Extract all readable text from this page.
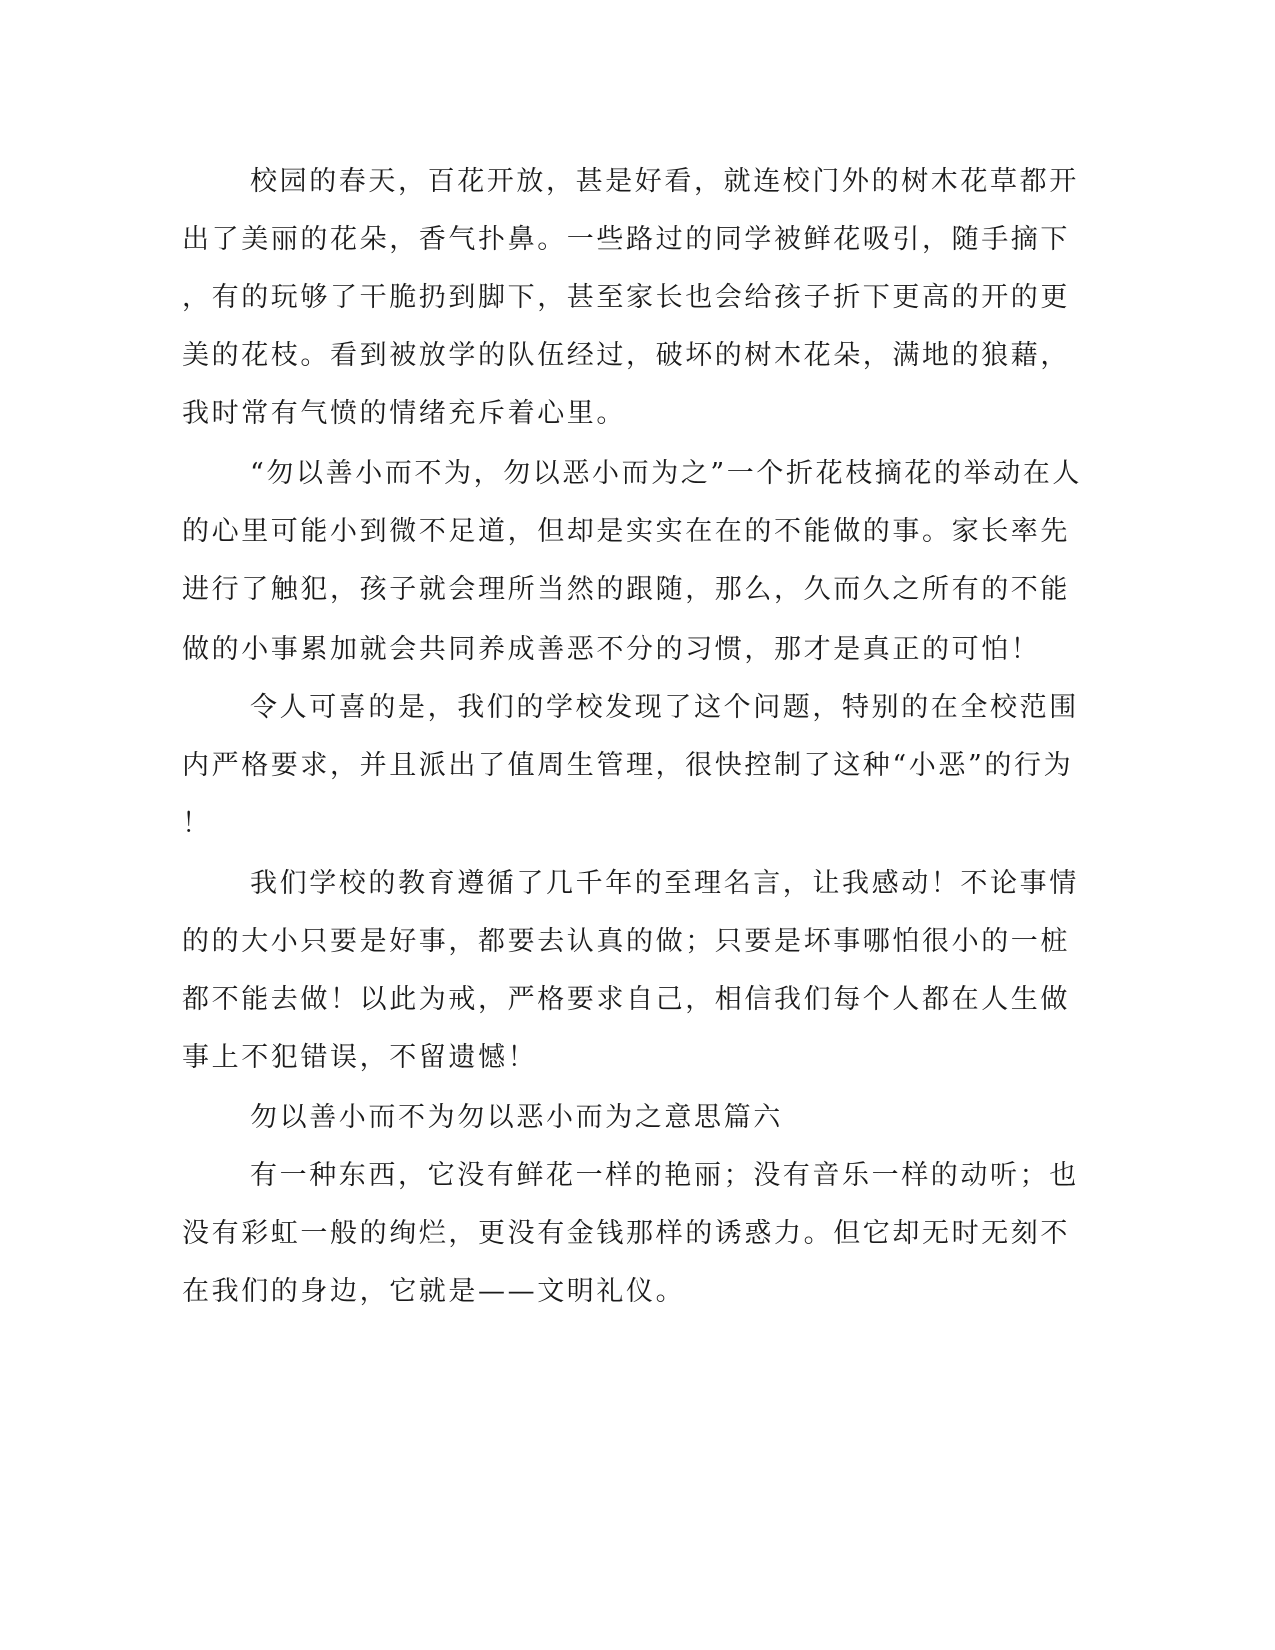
校园的春天，百花开放，甚是好看，就连校门外的树木花草都开

出了美丽的花朵，香气扑鼻。一些路过的同学被鲜花吸引，随手摘下

，有的玩够了干脆扔到脚下，甚至家长也会给孩子折下更高的开的更

美的花枝。看到被放学的队伍经过，破坏的树木花朵，满地的狼藉，

我时常有气愤的情绪充斥着心里。

“勿以善小而不为，勿以恶小而为之”一个折花枝摘花的举动在人

的心里可能小到微不足道，但却是实实在在的不能做的事。家长率先

进行了触犯，孩子就会理所当然的跟随，那么，久而久之所有的不能

做的小事累加就会共同养成善恶不分的习惯，那才是真正的可怕！

令人可喜的是，我们的学校发现了这个问题，特别的在全校范围

内严格要求，并且派出了值周生管理，很快控制了这种“小恶”的行为

！

我们学校的教育遵循了几千年的至理名言，让我感动！不论事情

的的大小只要是好事，都要去认真的做；只要是坏事哪怕很小的一桩

都不能去做！以此为戒，严格要求自己，相信我们每个人都在人生做

事上不犯错误，不留遗憾！

勿以善小而不为勿以恶小而为之意思篇六

有一种东西，它没有鲜花一样的艳丽；没有音乐一样的动听；也

没有彩虹一般的绚烂，更没有金钱那样的诱惑力。但它却无时无刻不

在我们的身边，它就是——文明礼仪。
